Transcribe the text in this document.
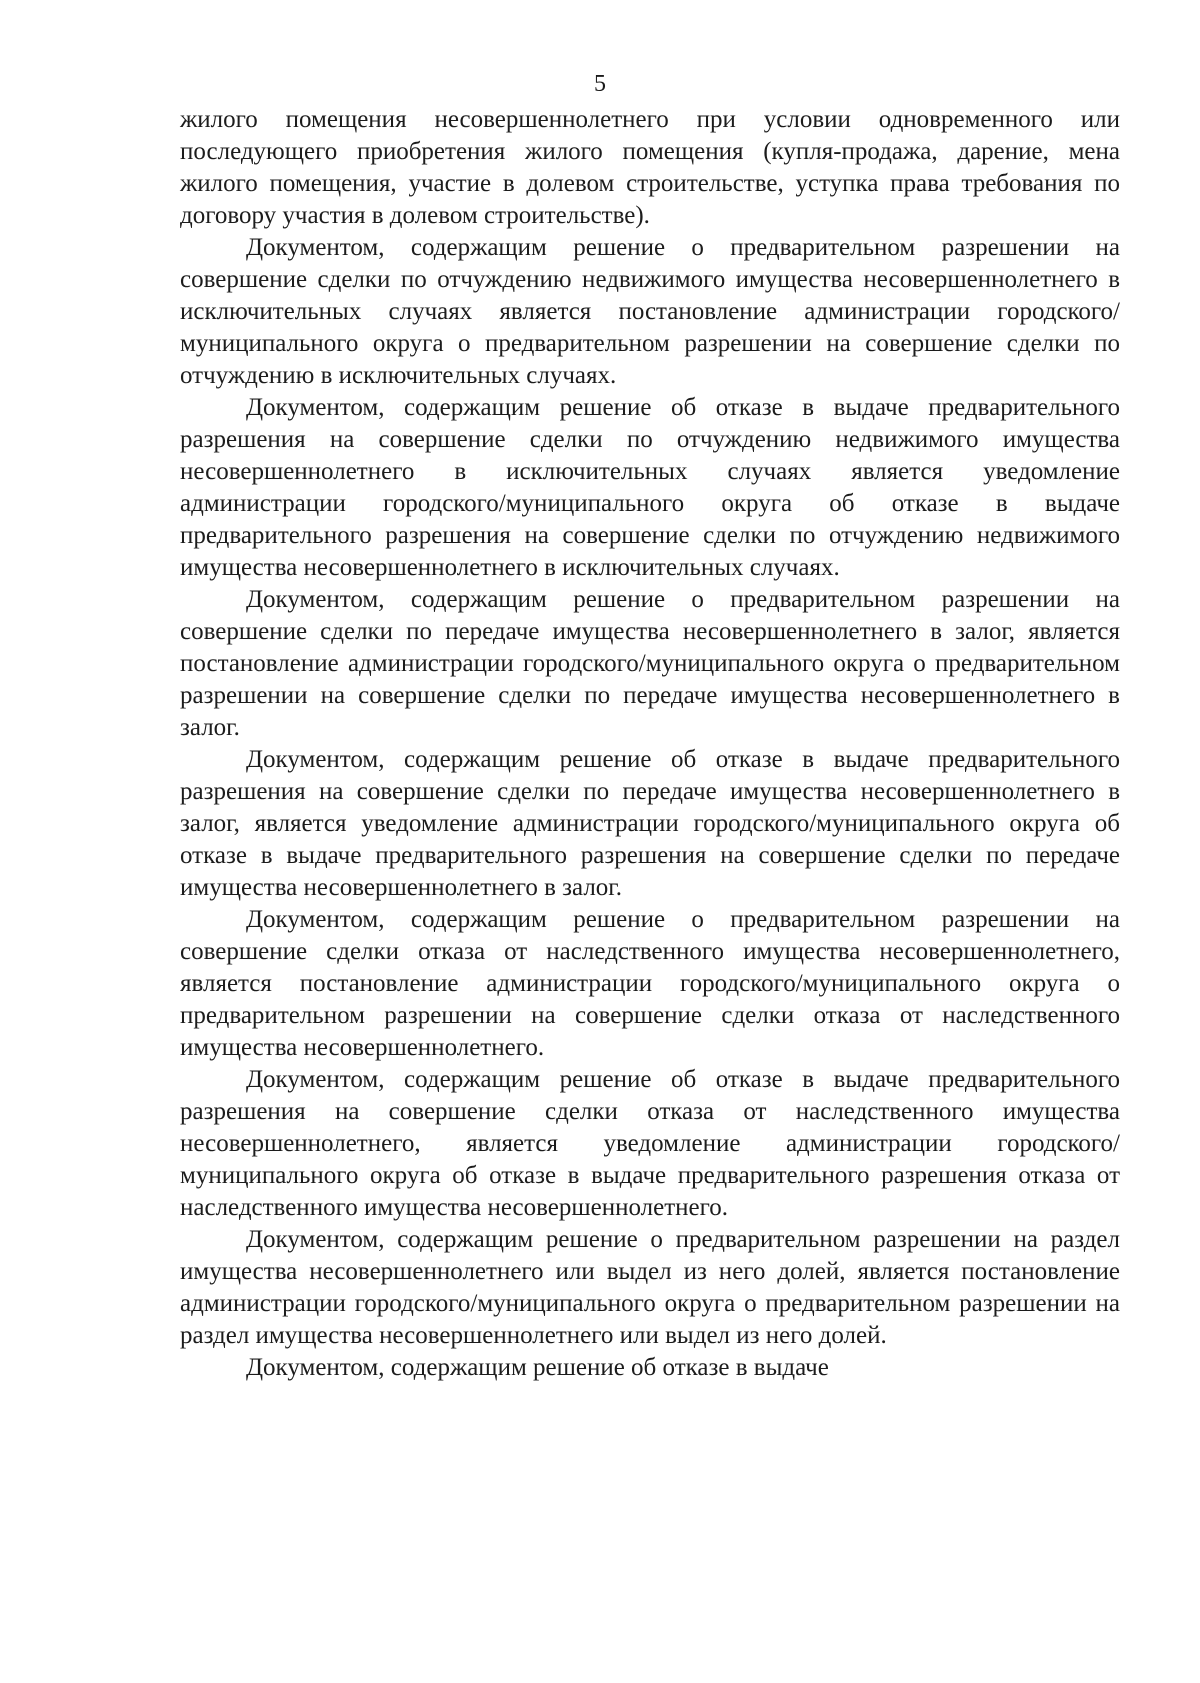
5

жилого помещения несовершеннолетнего при условии одновременного или последующего приобретения жилого помещения (купля-продажа, дарение, мена жилого помещения, участие в долевом строительстве, уступка права требования по договору участия в долевом строительстве).

Документом, содержащим решение о предварительном разрешении на совершение сделки по отчуждению недвижимого имущества несовершеннолетнего в исключительных случаях является постановление администрации городского/муниципального округа о предварительном разрешении на совершение сделки по отчуждению в исключительных случаях.

Документом, содержащим решение об отказе в выдаче предварительного разрешения на совершение сделки по отчуждению недвижимого имущества несовершеннолетнего в исключительных случаях является уведомление администрации городского/муниципального округа об отказе в выдаче предварительного разрешения на совершение сделки по отчуждению недвижимого имущества несовершеннолетнего в исключительных случаях.

Документом, содержащим решение о предварительном разрешении на совершение сделки по передаче имущества несовершеннолетнего в залог, является постановление администрации городского/муниципального округа о предварительном разрешении на совершение сделки по передаче имущества несовершеннолетнего в залог.

Документом, содержащим решение об отказе в выдаче предварительного разрешения на совершение сделки по передаче имущества несовершеннолетнего в залог, является уведомление администрации городского/муниципального округа об отказе в выдаче предварительного разрешения на совершение сделки по передаче имущества несовершеннолетнего в залог.

Документом, содержащим решение о предварительном разрешении на совершение сделки отказа от наследственного имущества несовершеннолетнего, является постановление администрации городского/муниципального округа о предварительном разрешении на совершение сделки отказа от наследственного имущества несовершеннолетнего.

Документом, содержащим решение об отказе в выдаче предварительного разрешения на совершение сделки отказа от наследственного имущества несовершеннолетнего, является уведомление администрации городского/муниципального округа об отказе в выдаче предварительного разрешения отказа от наследственного имущества несовершеннолетнего.

Документом, содержащим решение о предварительном разрешении на раздел имущества несовершеннолетнего или выдел из него долей, является постановление администрации городского/муниципального округа о предварительном разрешении на раздел имущества несовершеннолетнего или выдел из него долей.

Документом, содержащим решение об отказе в выдаче
